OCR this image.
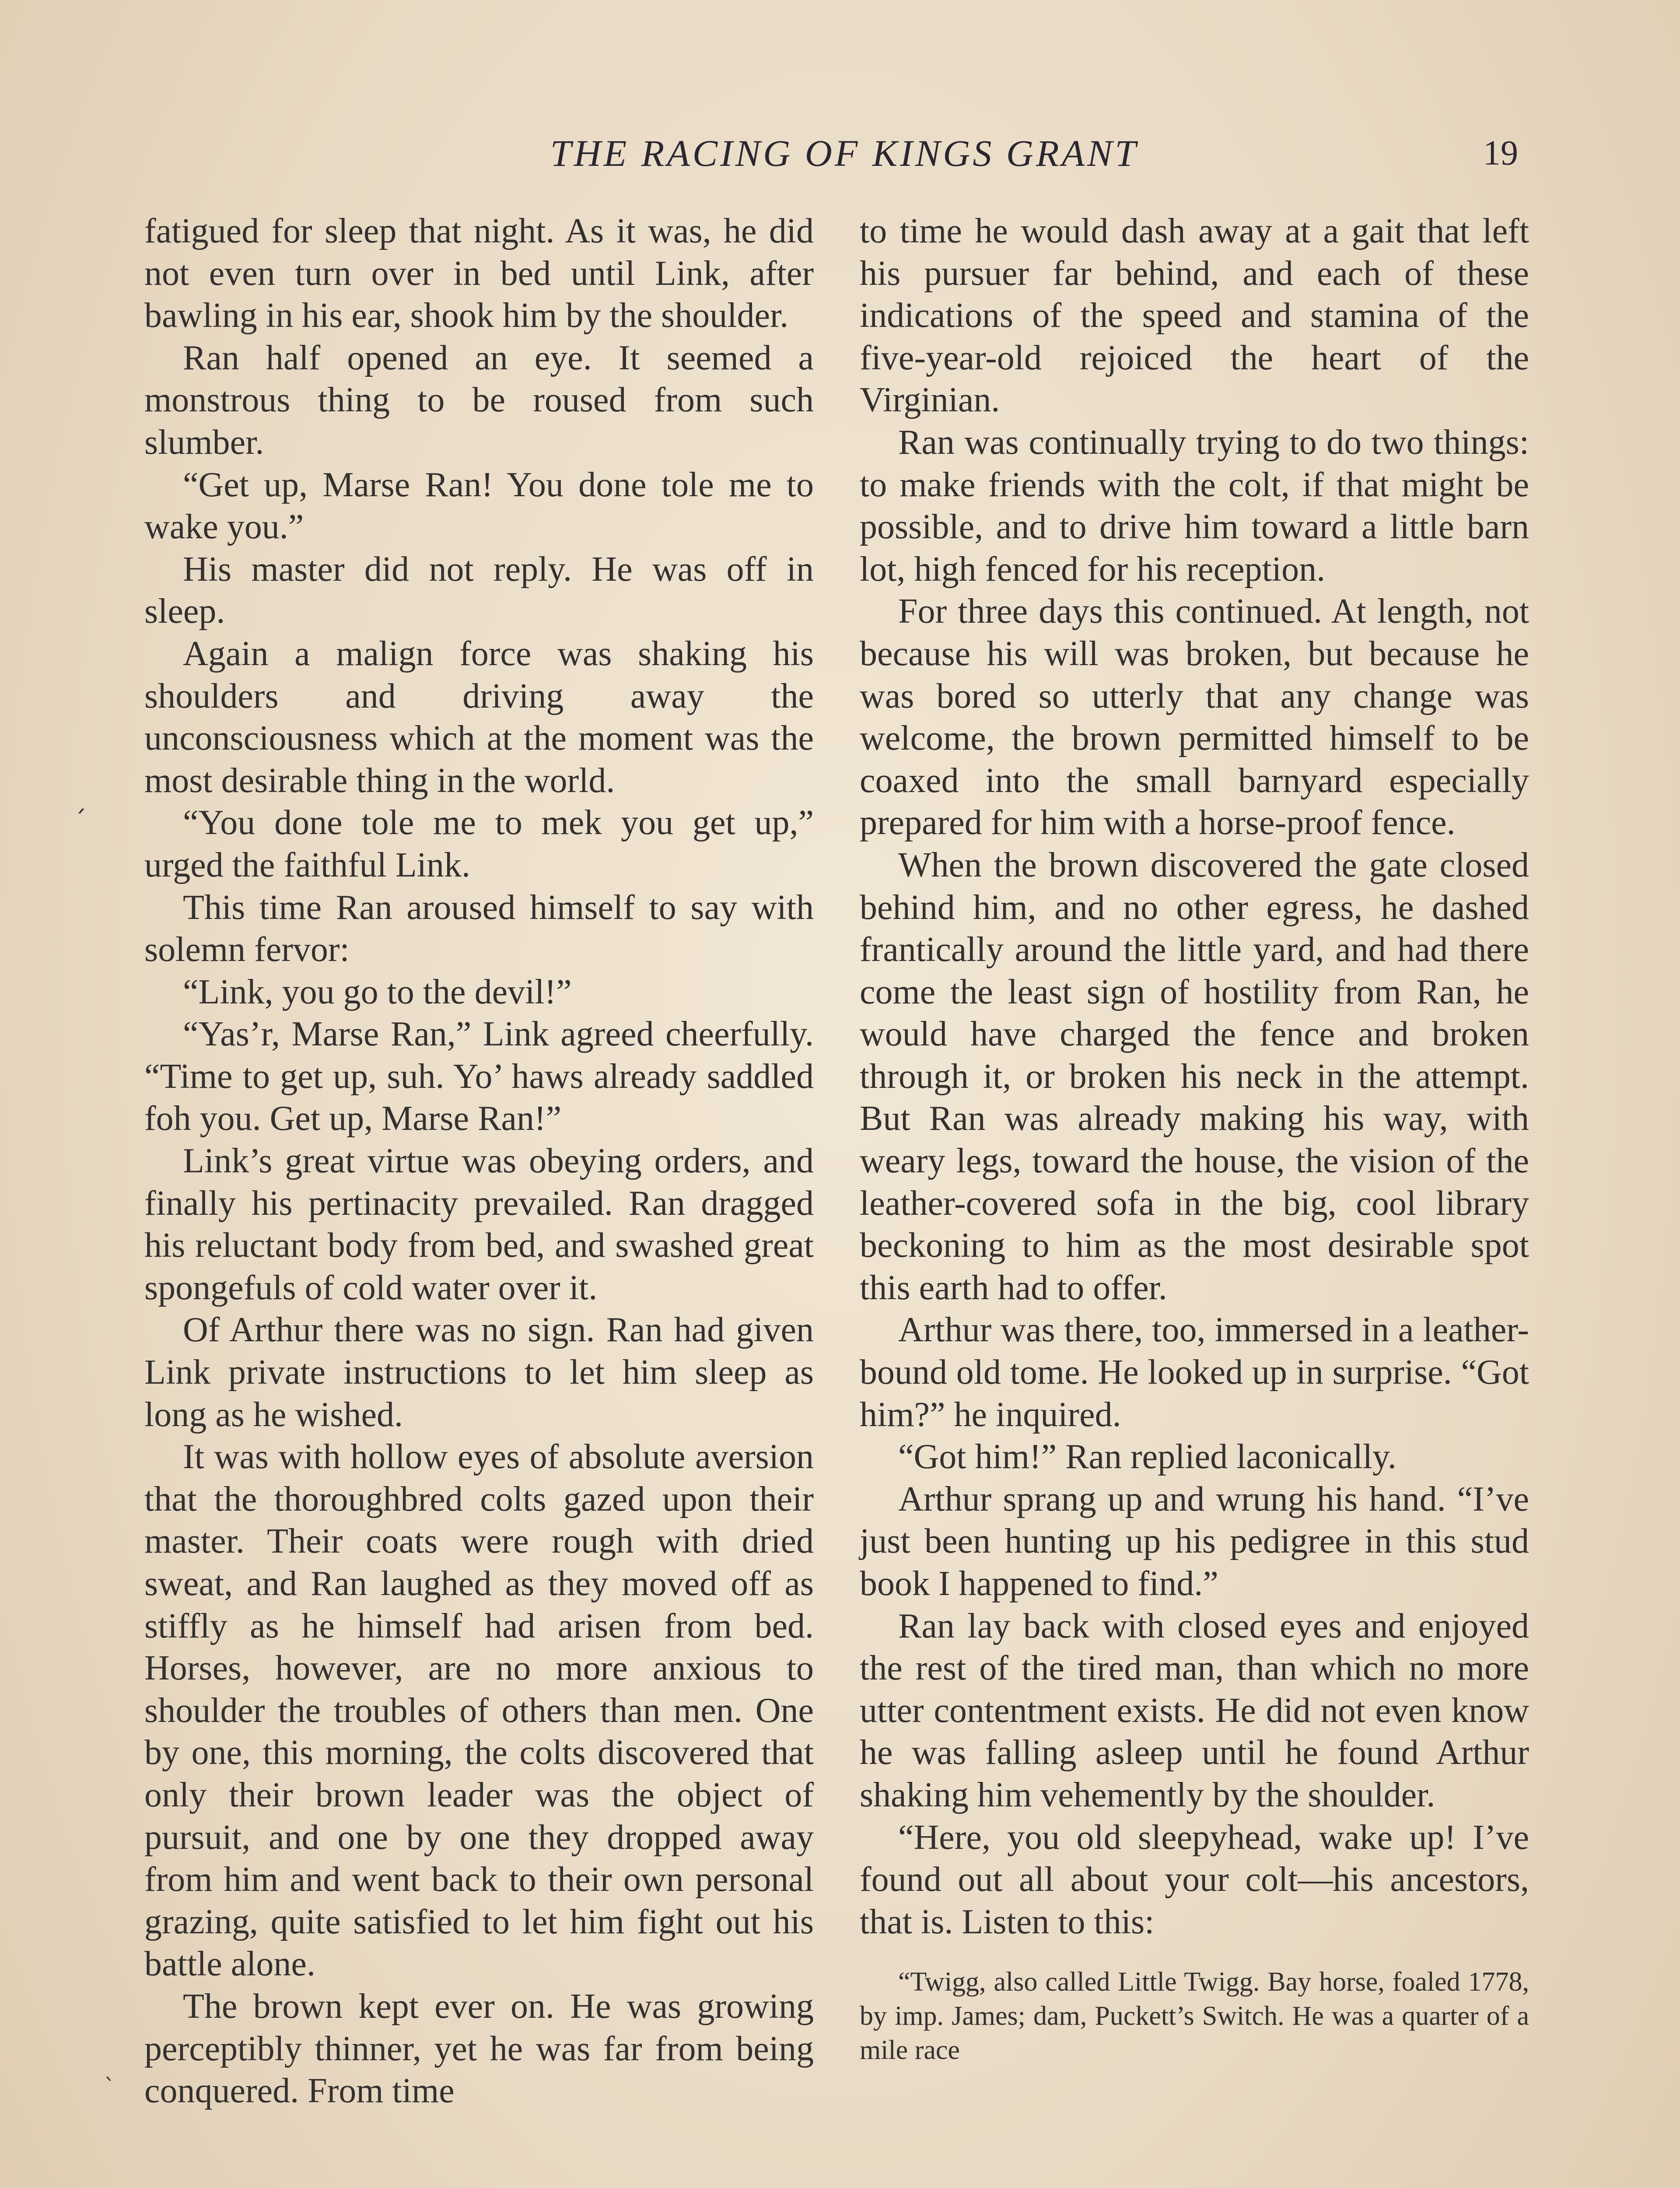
THE RACING OF KINGS GRANT	19

fatigued for sleep that night. As it was, he did not even turn over in bed until Link, after bawling in his ear, shook him by the shoulder.

Ran half opened an eye. It seemed a monstrous thing to be roused from such slumber.

“Get up, Marse Ran! You done tole me to wake you.”

His master did not reply. He was off in sleep.

Again a malign force was shaking his shoulders and driving away the unconsciousness which at the moment was the most desirable thing in the world.

“You done tole me to mek you get up,” urged the faithful Link.

This time Ran aroused himself to say with solemn fervor:

“Link, you go to the devil!”

“Yas’r, Marse Ran,” Link agreed cheerfully. “Time to get up, suh. Yo’ haws already saddled foh you. Get up, Marse Ran!”

Link’s great virtue was obeying orders, and finally his pertinacity prevailed. Ran dragged his reluctant body from bed, and swashed great spongefuls of cold water over it.

Of Arthur there was no sign. Ran had given Link private instructions to let him sleep as long as he wished.

It was with hollow eyes of absolute aversion that the thoroughbred colts gazed upon their master. Their coats were rough with dried sweat, and Ran laughed as they moved off as stiffly as he himself had arisen from bed. Horses, however, are no more anxious to shoulder the troubles of others than men. One by one, this morning, the colts discovered that only their brown leader was the object of pursuit, and one by one they dropped away from him and went back to their own personal grazing, quite satisfied to let him fight out his battle alone.

The brown kept ever on. He was growing perceptibly thinner, yet he was far from being conquered. From time

to time he would dash away at a gait that left his pursuer far behind, and each of these indications of the speed and stamina of the five-year-old rejoiced the heart of the Virginian.

Ran was continually trying to do two things: to make friends with the colt, if that might be possible, and to drive him toward a little barn lot, high fenced for his reception.

For three days this continued. At length, not because his will was broken, but because he was bored so utterly that any change was welcome, the brown permitted himself to be coaxed into the small barnyard especially prepared for him with a horse-proof fence.

When the brown discovered the gate closed behind him, and no other egress, he dashed frantically around the little yard, and had there come the least sign of hostility from Ran, he would have charged the fence and broken through it, or broken his neck in the attempt. But Ran was already making his way, with weary legs, toward the house, the vision of the leather-covered sofa in the big, cool library beckoning to him as the most desirable spot this earth had to offer.

Arthur was there, too, immersed in a leather-bound old tome. He looked up in surprise. “Got him?” he inquired.

“Got him!” Ran replied laconically.

Arthur sprang up and wrung his hand. “I’ve just been hunting up his pedigree in this stud book I happened to find.”

Ran lay back with closed eyes and enjoyed the rest of the tired man, than which no more utter contentment exists. He did not even know he was falling asleep until he found Arthur shaking him vehemently by the shoulder.

“Here, you old sleepyhead, wake up! I’ve found out all about your colt—his ancestors, that is. Listen to this:

“Twigg, also called Little Twigg. Bay horse, foaled 1778, by imp. James; dam, Puckett’s Switch. He was a quarter of a mile race

ˏ
ˋ
